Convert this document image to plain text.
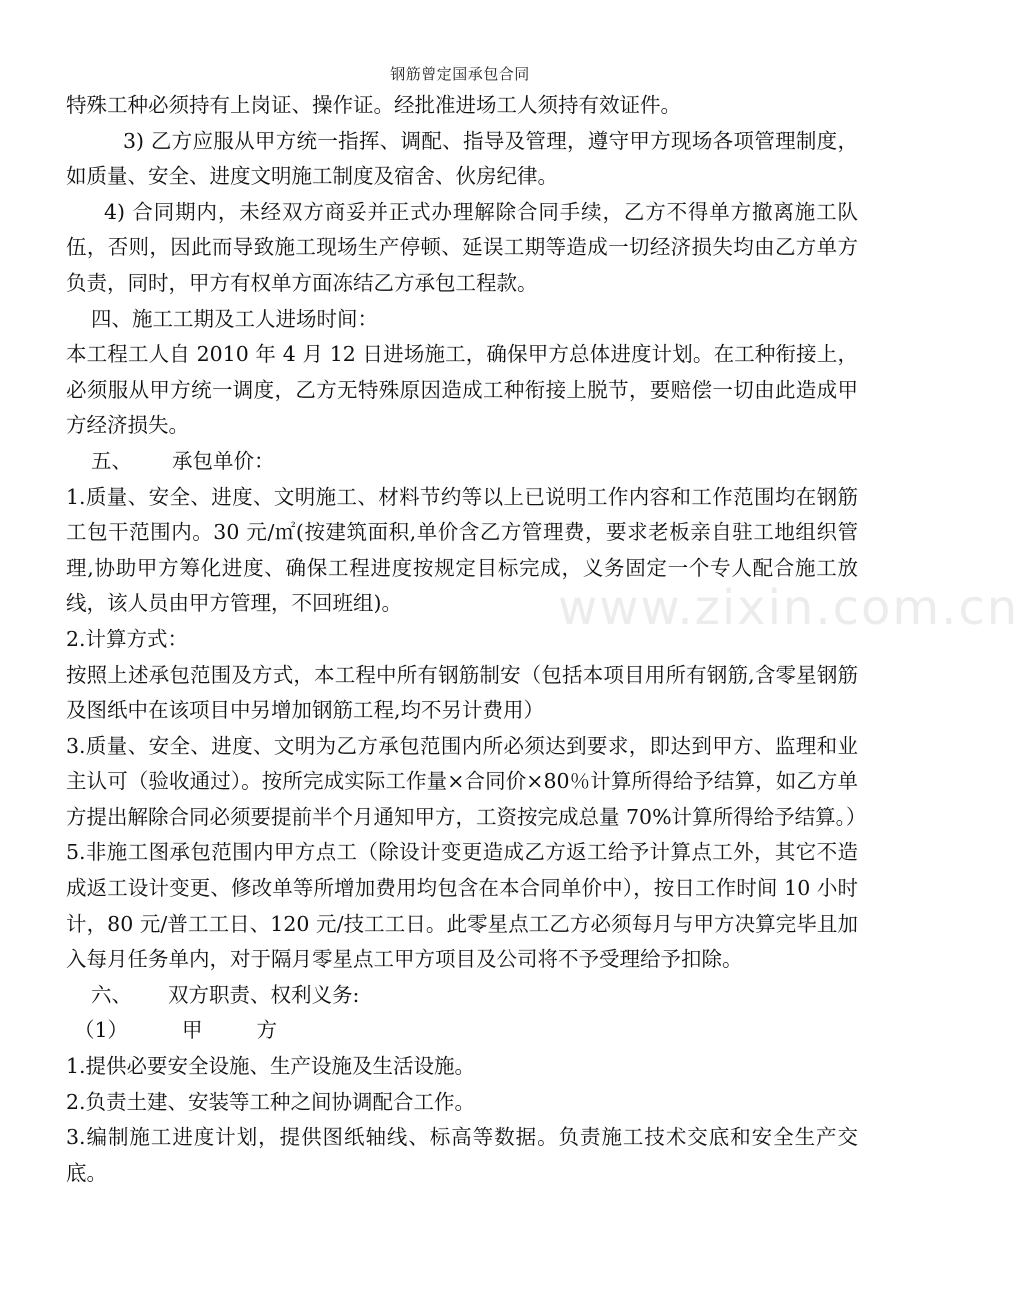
钢筋曾定国承包合同

特殊工种必须持有上岗证、操作证。经批准进场工人须持有效证件。

3) 乙方应服从甲方统一指挥、调配、指导及管理，遵守甲方现场各项管理制度，如质量、安全、进度文明施工制度及宿舍、伙房纪律。

4) 合同期内，未经双方商妥并正式办理解除合同手续，乙方不得单方撤离施工队伍，否则，因此而导致施工现场生产停顿、延误工期等造成一切经济损失均由乙方单方负责，同时，甲方有权单方面冻结乙方承包工程款。

四、施工工期及工人进场时间：

本工程工人自 2010 年 4 月 12 日进场施工，确保甲方总体进度计划。在工种衔接上，必须服从甲方统一调度，乙方无特殊原因造成工种衔接上脱节，要赔偿一切由此造成甲方经济损失。

五、 承包单价：

1.质量、安全、进度、文明施工、材料节约等以上已说明工作内容和工作范围均在钢筋工包干范围内。30 元/㎡(按建筑面积,单价含乙方管理费，要求老板亲自驻工地组织管理,协助甲方筹化进度、确保工程进度按规定目标完成，义务固定一个专人配合施工放线，该人员由甲方管理，不回班组)。

2.计算方式：

按照上述承包范围及方式，本工程中所有钢筋制安（包括本项目用所有钢筋,含零星钢筋及图纸中在该项目中另增加钢筋工程,均不另计费用）

3.质量、安全、进度、文明为乙方承包范围内所必须达到要求，即达到甲方、监理和业主认可（验收通过）。按所完成实际工作量×合同价×80％计算所得给予结算，如乙方单方提出解除合同必须要提前半个月通知甲方，工资按完成总量 70%计算所得给予结算。）

5.非施工图承包范围内甲方点工（除设计变更造成乙方返工给予计算点工外，其它不造成返工设计变更、修改单等所增加费用均包含在本合同单价中），按日工作时间 10 小时计，80 元/普工工日、120 元/技工工日。此零星点工乙方必须每月与甲方决算完毕且加入每月任务单内，对于隔月零星点工甲方项目及公司将不予受理给予扣除。

六、 双方职责、权利义务:

（1）	甲	方

1.提供必要安全设施、生产设施及生活设施。

2.负责土建、安装等工种之间协调配合工作。

3.编制施工进度计划，提供图纸轴线、标高等数据。负责施工技术交底和安全生产交底。

www.zixin.com.cn
